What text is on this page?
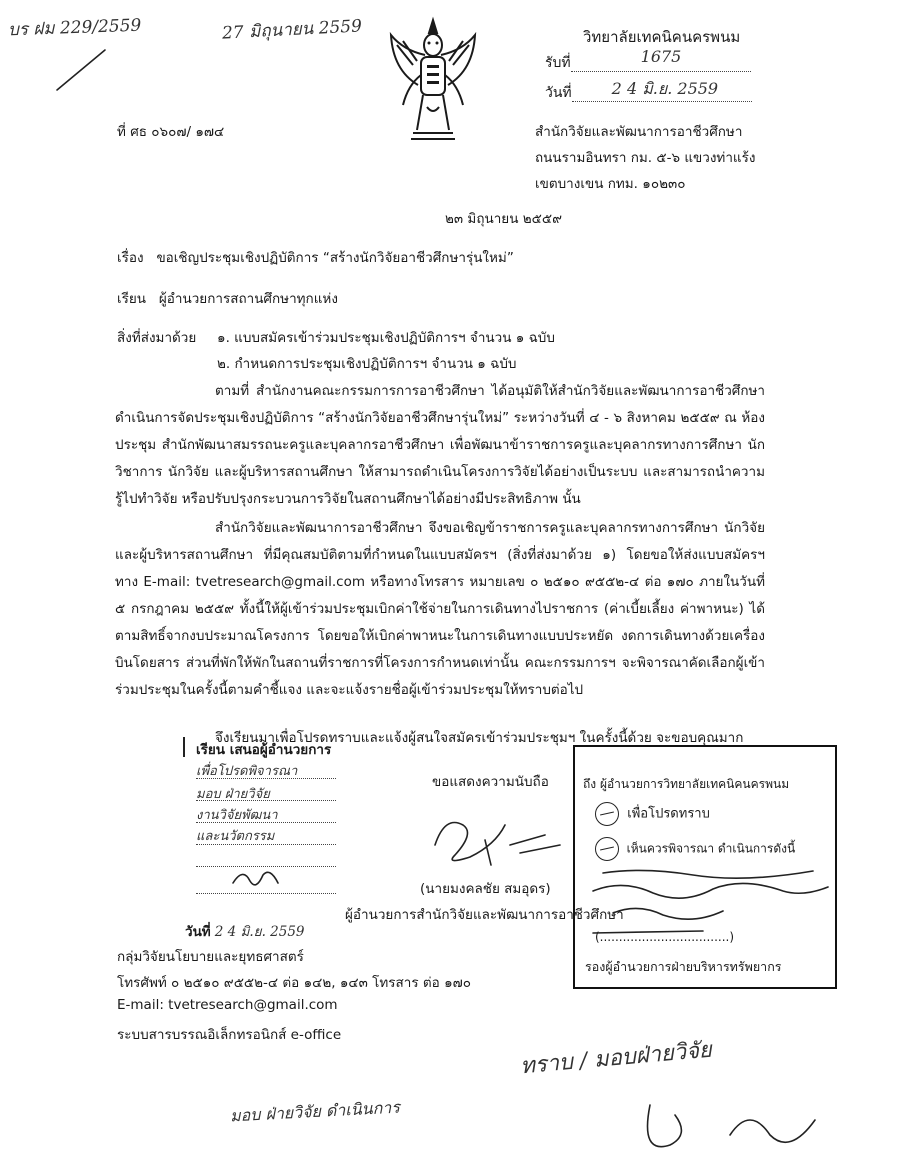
บร ฝม 229/2559	27 มิถุนายน 2559	วิทยาลัยเทคนิคนครพนม
รับที่	1675

วันที่	2 4 มิ.ย. 2559

ที่ ศธ ๐๖๐๗/ ๑๗๔	สำนักวิจัยและพัฒนาการอาชีวศึกษา
ถนนรามอินทรา กม. ๕-๖ แขวงท่าแร้ง
เขตบางเขน กทม. ๑๐๒๓๐
๒๓ มิถุนายน ๒๕๕๙
เรื่อง ขอเชิญประชุมเชิงปฏิบัติการ “สร้างนักวิจัยอาชีวศึกษารุ่นใหม่”
เรียน ผู้อำนวยการสถานศึกษาทุกแห่ง
สิ่งที่ส่งมาด้วย ๑. แบบสมัครเข้าร่วมประชุมเชิงปฏิบัติการฯ จำนวน ๑ ฉบับ
๒. กำหนดการประชุมเชิงปฏิบัติการฯ จำนวน ๑ ฉบับ
ตามที่ สำนักงานคณะกรรมการการอาชีวศึกษา ได้อนุมัติให้สำนักวิจัยและพัฒนาการอาชีวศึกษา ดำเนินการจัดประชุมเชิงปฏิบัติการ “สร้างนักวิจัยอาชีวศึกษารุ่นใหม่” ระหว่างวันที่ ๔ - ๖ สิงหาคม ๒๕๕๙ ณ ห้องประชุม สำนักพัฒนาสมรรถนะครูและบุคลากรอาชีวศึกษา เพื่อพัฒนาข้าราชการครูและบุคลากรทางการศึกษา นักวิชาการ นักวิจัย และผู้บริหารสถานศึกษา ให้สามารถดำเนินโครงการวิจัยได้อย่างเป็นระบบ และสามารถนำความรู้ไปทำวิจัย หรือปรับปรุงกระบวนการวิจัยในสถานศึกษาได้อย่างมีประสิทธิภาพ นั้น
สำนักวิจัยและพัฒนาการอาชีวศึกษา จึงขอเชิญข้าราชการครูและบุคลากรทางการศึกษา นักวิจัย และผู้บริหารสถานศึกษา ที่มีคุณสมบัติตามที่กำหนดในแบบสมัครฯ (สิ่งที่ส่งมาด้วย ๑) โดยขอให้ส่งแบบสมัครฯ ทาง E-mail: tvetresearch@gmail.com หรือทางโทรสาร หมายเลข ๐ ๒๕๑๐ ๙๕๕๒-๔ ต่อ ๑๗๐ ภายในวันที่ ๕ กรกฎาคม ๒๕๕๙ ทั้งนี้ให้ผู้เข้าร่วมประชุมเบิกค่าใช้จ่ายในการเดินทางไปราชการ (ค่าเบี้ยเลี้ยง ค่าพาหนะ) ได้ตามสิทธิ์จากงบประมาณโครงการ โดยขอให้เบิกค่าพาหนะในการเดินทางแบบประหยัด งดการเดินทางด้วยเครื่องบินโดยสาร ส่วนที่พักให้พักในสถานที่ราชการที่โครงการกำหนดเท่านั้น คณะกรรมการฯ จะพิจารณาคัดเลือกผู้เข้าร่วมประชุมในครั้งนี้ตามคำชี้แจง และจะแจ้งรายชื่อผู้เข้าร่วมประชุมให้ทราบต่อไป
จึงเรียนมาเพื่อโปรดทราบและแจ้งผู้สนใจสมัครเข้าร่วมประชุมฯ ในครั้งนี้ด้วย จะขอบคุณมาก
เรียน เสนอผู้อำนวยการ
เพื่อโปรดพิจารณา
มอบ ฝ่ายวิจัย
งานวิจัยพัฒนา
และนวัตกรรม
วันที่ 2 4 มิ.ย. 2559
ขอแสดงความนับถือ
(นายมงคลชัย สมอุดร)
ผู้อำนวยการสำนักวิจัยและพัฒนาการอาชีวศึกษา
ถึง ผู้อำนวยการวิทยาลัยเทคนิคนครพนม
เพื่อโปรดทราบ
เห็นควรพิจารณา ดำเนินการดังนี้
(..................................)
รองผู้อำนวยการฝ่ายบริหารทรัพยากร
กลุ่มวิจัยนโยบายและยุทธศาสตร์
โทรศัพท์ ๐ ๒๕๑๐ ๙๕๕๒-๔ ต่อ ๑๔๒, ๑๔๓ โทรสาร ต่อ ๑๗๐
E-mail: tvetresearch@gmail.com
ระบบสารบรรณอิเล็กทรอนิกส์ e-office
ทราบ / มอบฝ่ายวิจัย
มอบ ฝ่ายวิจัย ดำเนินการ
